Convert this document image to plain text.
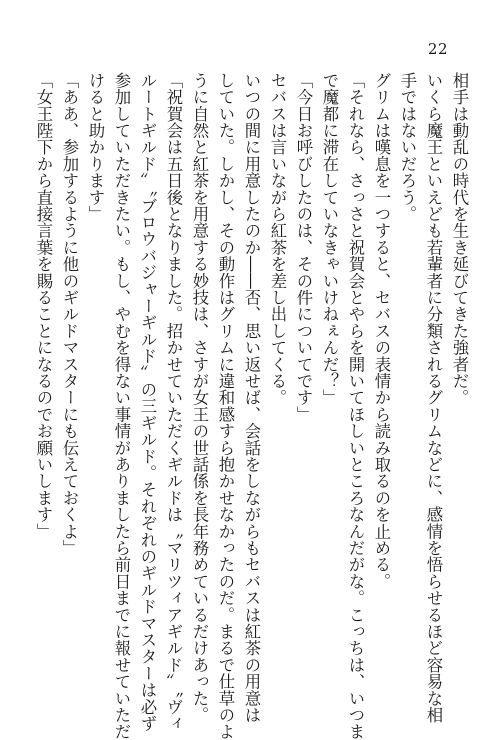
22
相手は動乱の時代を生き延びてきた強者だ。
いくら魔王といえども若輩者に分類されるグリムなどに、感情を悟らせるほど容易な相
手ではないだろう。
グリムは嘆息を一つすると、セバスの表情から読み取るのを止める。
「それなら、さっさと祝賀会とやらを開いてほしいところなんだがな。こっちは、いつま
で魔都に滞在していなきゃいけねぇんだ？」
「今日お呼びしたのは、その件についてです」
セバスは言いながら紅茶を差し出してくる。
いつの間に用意したのか――否、思い返せば、会話をしながらもセバスは紅茶の用意は
していた。しかし、その動作はグリムに違和感すら抱かせなかったのだ。まるで仕草のよ
うに自然と紅茶を用意する妙技は、さすが女王の世話係を長年務めているだけあった。
「祝賀会は五日後となりました。招かせていただくギルドは〝マリツィアギルド〟〝ヴィ
ルートギルド〟〝ブロウバジャーギルド〟の三ギルド。それぞれのギルドマスターは必ず
参加していただきたい。もし、やむを得ない事情がありましたら前日までに報せていただ
けると助かります」
「ああ、参加するように他のギルドマスターにも伝えておくよ」
「女王陛下から直接言葉を賜ることになるのでお願いします」
